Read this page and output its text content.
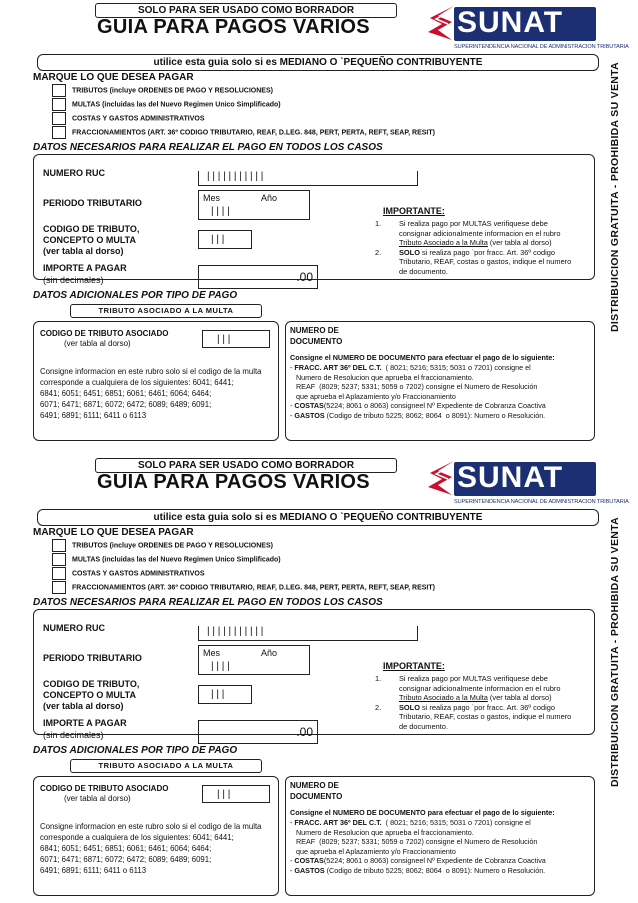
SOLO PARA SER USADO COMO BORRADOR
GUIA PARA PAGOS VARIOS	SUNAT
SUPERINTENDENCIA NACIONAL DE ADMINISTRACION TRIBUTARIA
utilice esta guia solo si es MEDIANO O `PEQUEÑO CONTRIBUYENTE
MARQUE LO QUE DESEA PAGAR
TRIBUTOS (incluye ORDENES DE PAGO Y RESOLUCIONES)
MULTAS (incluidas las del Nuevo Regimen Unico Simplificado)
COSTAS Y GASTOS ADMINISTRATIVOS
FRACCIONAMIENTOS (ART. 36º CODIGO TRIBUTARIO, REAF, D.LEG. 848, PERT, PERTA, REFT, SEAP, RESIT)
DATOS NECESARIOS PARA REALIZAR EL PAGO EN TODOS LOS CASOS
NUMERO RUC	| | | | | | | | | | |
PERIODO TRIBUTARIO	Mes	Año
| | | |
CODIGO DE TRIBUTO,
CONCEPTO O MULTA
(ver tabla al dorso)
| | |
IMPORTE A PAGAR
(sin decimales)	.00
IMPORTANTE:
1. Si realiza pago por MULTAS verifiquese debe
consignar adicionalmente informacion en el rubro
Tributo Asociado a la Multa (ver tabla al dorso)
2. SOLO si realiza pago `por fracc. Art. 36º codigo
Tributario, REAF, costas o gastos, indique el numero
de documento.
DATOS ADICIONALES POR TIPO DE PAGO
TRIBUTO ASOCIADO A LA MULTA
CODIGO DE TRIBUTO ASOCIADO
(ver tabla al dorso)	| | |
Consigne informacion en este rubro solo si el codigo de la multa
corresponde a cualquiera de los siguientes: 6041; 6441;
6841; 6051; 6451; 6851; 6061; 6461; 6064; 6464;
6071; 6471; 6871; 6072; 6472; 6089; 6489; 6091;
6491; 6891; 6111; 6411 o 6113
NUMERO DE
DOCUMENTO
Consigne el NUMERO DE DOCUMENTO para efectuar el pago de lo siguiente:
- FRACC. ART 36º DEL C.T.  ( 8021; 5216; 5315; 5031 o 7201) consigne el
Numero de Resolucion que aprueba el fraccionamiento.
REAF  (8029; 5237; 5331; 5059 o 7202) consigne el Numero de Resolución
que aprueba el Aplazamiento y/o Fraccionamiento
- COSTAS(5224; 8061 o 8063) consigneel Nº Expediente de Cobranza Coactiva
- GASTOS (Codigo de tributo 5225; 8062; 8064  o 8091): Numero o Resolución.
DISTRIBUICION GRATUITA - PROHIBIDA SU VENTA
SOLO PARA SER USADO COMO BORRADOR
GUIA PARA PAGOS VARIOS	SUNAT
SUPERINTENDENCIA NACIONAL DE ADMINISTRACION TRIBUTARIA
utilice esta guia solo si es MEDIANO O `PEQUEÑO CONTRIBUYENTE
MARQUE LO QUE DESEA PAGAR
TRIBUTOS (incluye ORDENES DE PAGO Y RESOLUCIONES)
MULTAS (incluidas las del Nuevo Regimen Unico Simplificado)
COSTAS Y GASTOS ADMINISTRATIVOS
FRACCIONAMIENTOS (ART. 36º CODIGO TRIBUTARIO, REAF, D.LEG. 848, PERT, PERTA, REFT, SEAP, RESIT)
DATOS NECESARIOS PARA REALIZAR EL PAGO EN TODOS LOS CASOS
NUMERO RUC	| | | | | | | | | | |
PERIODO TRIBUTARIO	Mes	Año
| | | |
CODIGO DE TRIBUTO,
CONCEPTO O MULTA
(ver tabla al dorso)
| | |
IMPORTE A PAGAR
(sin decimales)	.00
IMPORTANTE:
1. Si realiza pago por MULTAS verifiquese debe
consignar adicionalmente informacion en el rubro
Tributo Asociado a la Multa (ver tabla al dorso)
2. SOLO si realiza pago `por fracc. Art. 36º codigo
Tributario, REAF, costas o gastos, indique el numero
de documento.
DATOS ADICIONALES POR TIPO DE PAGO
TRIBUTO ASOCIADO A LA MULTA
CODIGO DE TRIBUTO ASOCIADO
(ver tabla al dorso)	| | |
Consigne informacion en este rubro solo si el codigo de la multa
corresponde a cualquiera de los siguientes: 6041; 6441;
6841; 6051; 6451; 6851; 6061; 6461; 6064; 6464;
6071; 6471; 6871; 6072; 6472; 6089; 6489; 6091;
6491; 6891; 6111; 6411 o 6113
NUMERO DE
DOCUMENTO
Consigne el NUMERO DE DOCUMENTO para efectuar el pago de lo siguiente:
- FRACC. ART 36º DEL C.T.  ( 8021; 5216; 5315; 5031 o 7201) consigne el
Numero de Resolucion que aprueba el fraccionamiento.
REAF  (8029; 5237; 5331; 5059 o 7202) consigne el Numero de Resolución
que aprueba el Aplazamiento y/o Fraccionamiento
- COSTAS(5224; 8061 o 8063) consigneel Nº Expediente de Cobranza Coactiva
- GASTOS (Codigo de tributo 5225; 8062; 8064  o 8091): Numero o Resolución.
DISTRIBUICION GRATUITA - PROHIBIDA SU VENTA
